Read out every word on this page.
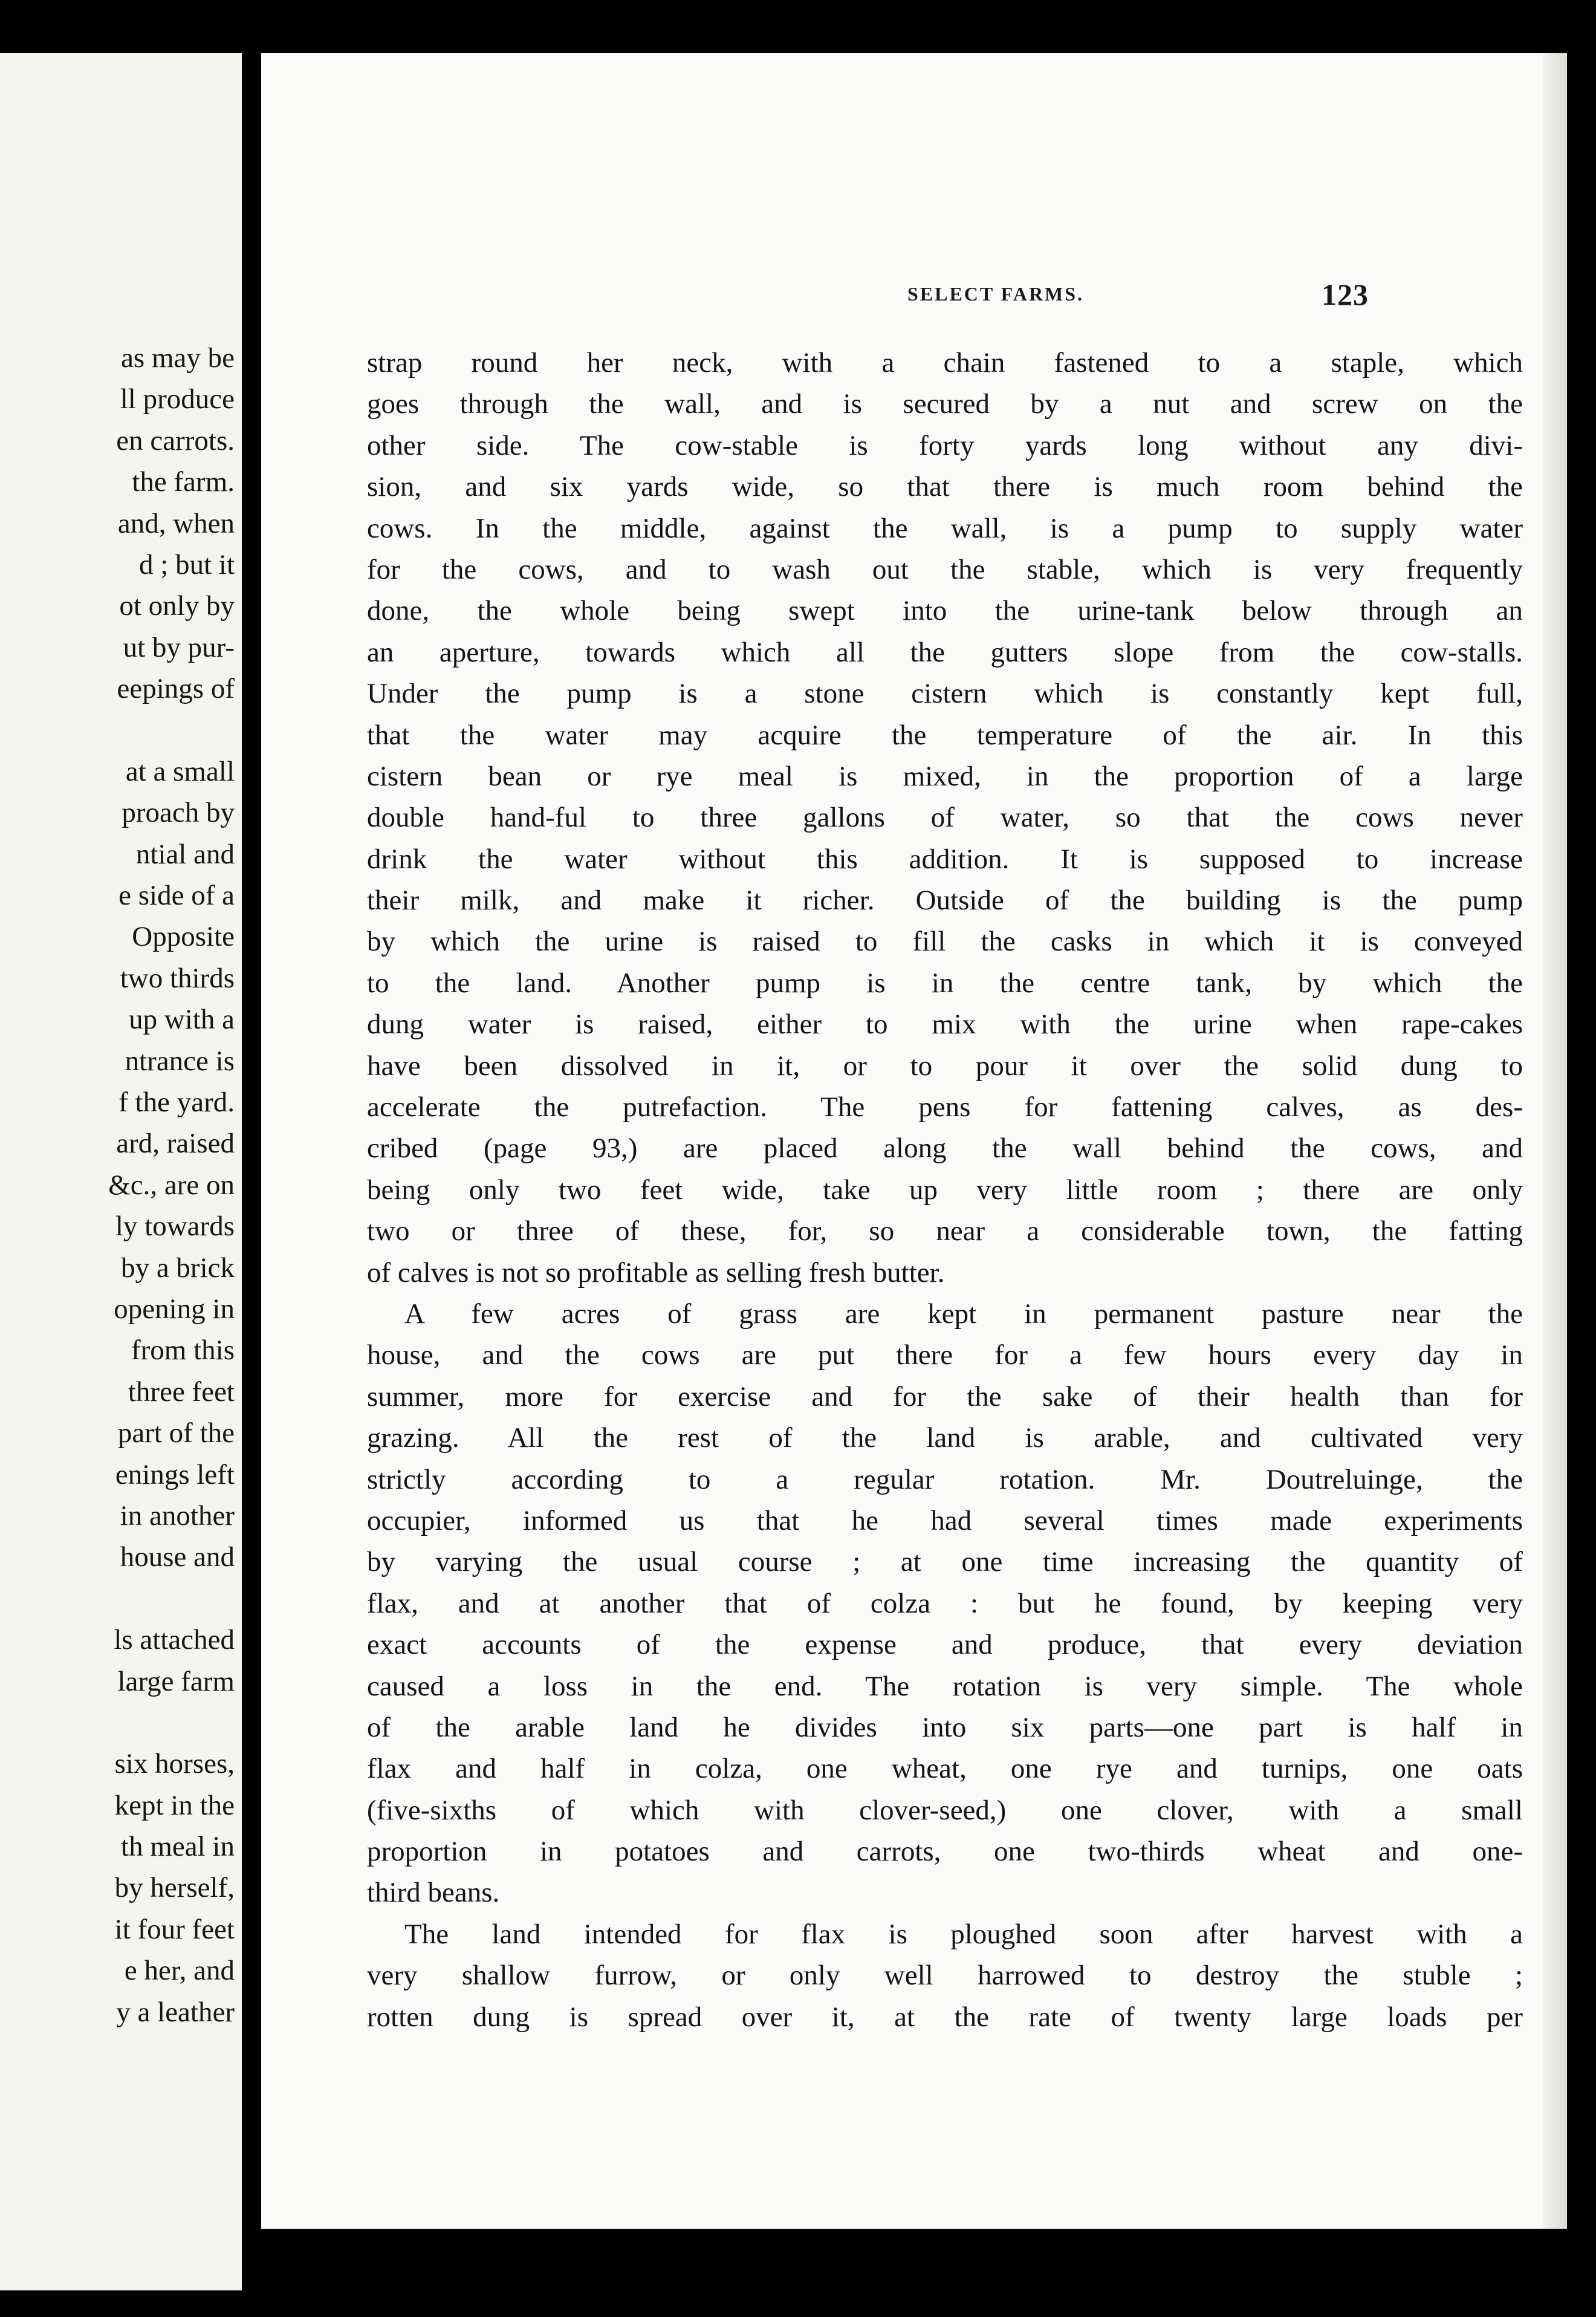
as may be
ll produce
en carrots.
the farm.
and, when
d ; but it
ot only by
ut by pur-
eepings of
at a small
proach by
ntial and
e side of a
Opposite
two thirds
up with a
ntrance is
f the yard.
ard, raised
&c., are on
ly towards
by a brick
opening in
from this
three feet
part of the
enings left
in another
house and
ls attached
large farm
six horses,
kept in the
th meal in
by herself,
it four feet
e her, and
y a leather
SELECT FARMS.	123
strap round her neck, with a chain fastened to a staple, which
goes through the wall, and is secured by a nut and screw on the
other side. The cow-stable is forty yards long without any divi-
sion, and six yards wide, so that there is much room behind the
cows. In the middle, against the wall, is a pump to supply water
for the cows, and to wash out the stable, which is very frequently
done, the whole being swept into the urine-tank below through an
an aperture, towards which all the gutters slope from the cow-stalls.
Under the pump is a stone cistern which is constantly kept full,
that the water may acquire the temperature of the air. In this
cistern bean or rye meal is mixed, in the proportion of a large
double hand-ful to three gallons of water, so that the cows never
drink the water without this addition. It is supposed to increase
their milk, and make it richer. Outside of the building is the pump
by which the urine is raised to fill the casks in which it is conveyed
to the land. Another pump is in the centre tank, by which the
dung water is raised, either to mix with the urine when rape-cakes
have been dissolved in it, or to pour it over the solid dung to
accelerate the putrefaction. The pens for fattening calves, as des-
cribed (page 93,) are placed along the wall behind the cows, and
being only two feet wide, take up very little room ; there are only
two or three of these, for, so near a considerable town, the fatting
of calves is not so profitable as selling fresh butter.
A few acres of grass are kept in permanent pasture near the
house, and the cows are put there for a few hours every day in
summer, more for exercise and for the sake of their health than for
grazing. All the rest of the land is arable, and cultivated very
strictly according to a regular rotation. Mr. Doutreluinge, the
occupier, informed us that he had several times made experiments
by varying the usual course ; at one time increasing the quantity of
flax, and at another that of colza : but he found, by keeping very
exact accounts of the expense and produce, that every deviation
caused a loss in the end. The rotation is very simple. The whole
of the arable land he divides into six parts—one part is half in
flax and half in colza, one wheat, one rye and turnips, one oats
(five-sixths of which with clover-seed,) one clover, with a small
proportion in potatoes and carrots, one two-thirds wheat and one-
third beans.
The land intended for flax is ploughed soon after harvest with a
very shallow furrow, or only well harrowed to destroy the stuble ;
rotten dung is spread over it, at the rate of twenty large loads per
